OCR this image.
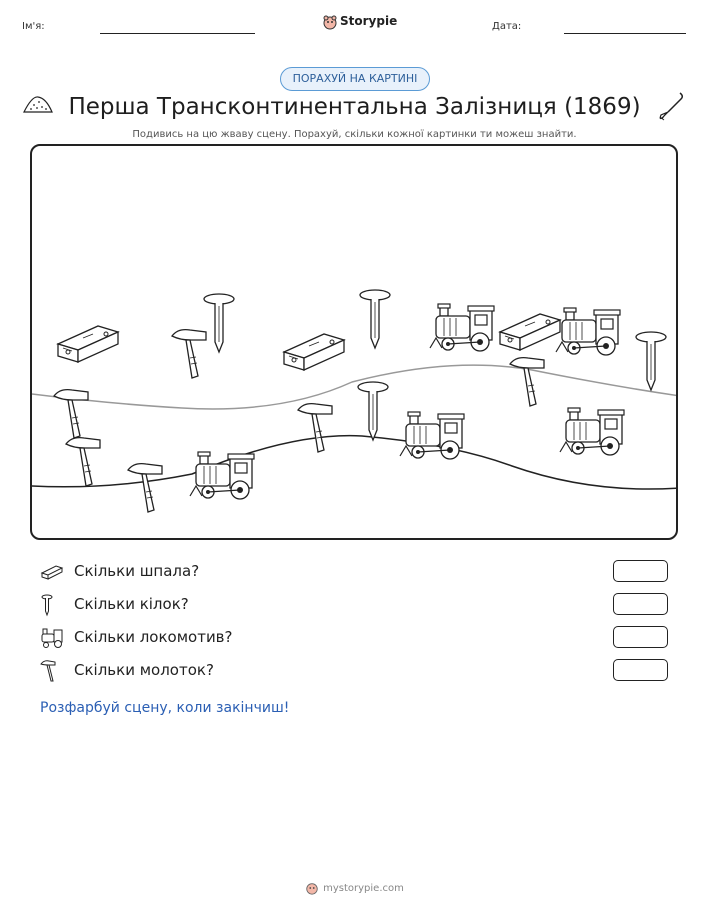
Ім'я:	Storypie	Дата:
ПОРАХУЙ НА КАРТИНІ
Перша Трансконтинентальна Залізниця (1869)
Подивись на цю жваву сцену. Порахуй, скільки кожної картинки ти можеш знайти.
Скільки шпала?
Скільки кілок?
Скільки локомотив?
Скільки молоток?
Розфарбуй сцену, коли закінчиш!
mystorypie.com
